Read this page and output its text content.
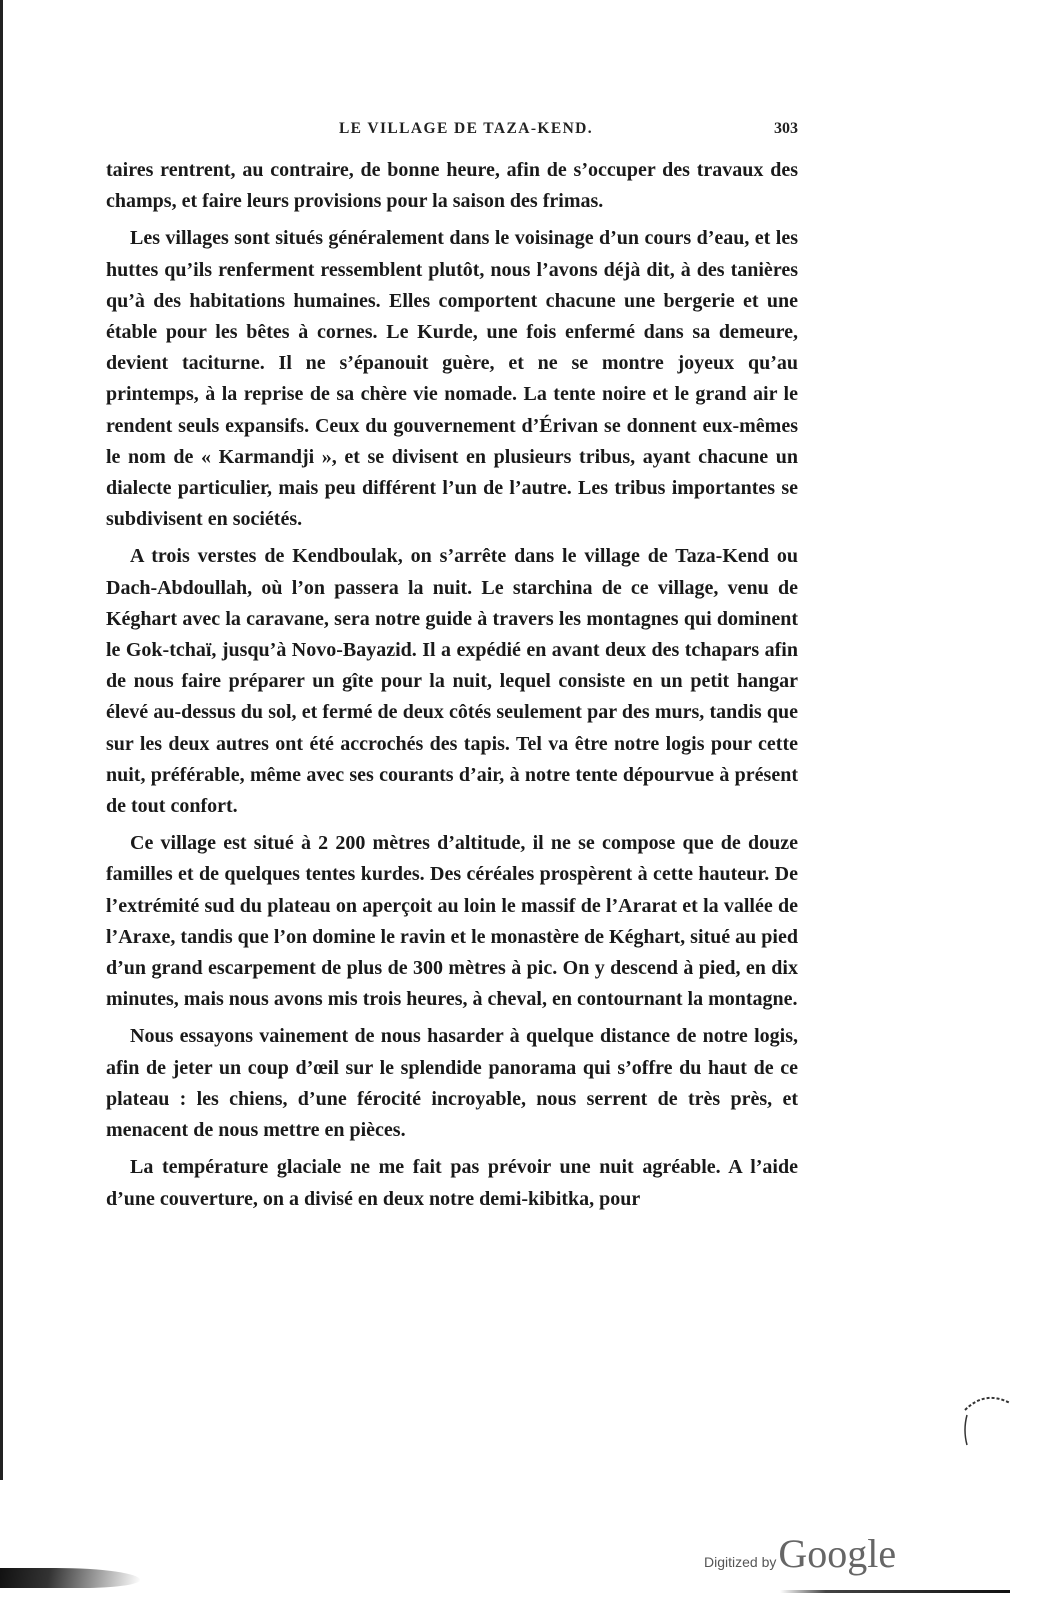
LE VILLAGE DE TAZA-KEND.	303

taires rentrent, au contraire, de bonne heure, afin de s’occuper des travaux des champs, et faire leurs provisions pour la saison des frimas.

Les villages sont situés généralement dans le voisinage d’un cours d’eau, et les huttes qu’ils renferment ressemblent plutôt, nous l’avons déjà dit, à des tanières qu’à des habitations humaines. Elles comportent chacune une bergerie et une étable pour les bêtes à cornes. Le Kurde, une fois enfermé dans sa demeure, devient taciturne. Il ne s’épanouit guère, et ne se montre joyeux qu’au printemps, à la reprise de sa chère vie nomade. La tente noire et le grand air le rendent seuls expansifs. Ceux du gouvernement d’Érivan se donnent eux-mêmes le nom de « Karmandji », et se divisent en plusieurs tribus, ayant chacune un dialecte particulier, mais peu différent l’un de l’autre. Les tribus importantes se subdivisent en sociétés.

A trois verstes de Kendboulak, on s’arrête dans le village de Taza-Kend ou Dach-Abdoullah, où l’on passera la nuit. Le starchina de ce village, venu de Kéghart avec la caravane, sera notre guide à travers les montagnes qui dominent le Gok-tchaï, jusqu’à Novo-Bayazid. Il a expédié en avant deux des tchapars afin de nous faire préparer un gîte pour la nuit, lequel consiste en un petit hangar élevé au-dessus du sol, et fermé de deux côtés seulement par des murs, tandis que sur les deux autres ont été accrochés des tapis. Tel va être notre logis pour cette nuit, préférable, même avec ses courants d’air, à notre tente dépourvue à présent de tout confort.

Ce village est situé à 2 200 mètres d’altitude, il ne se compose que de douze familles et de quelques tentes kurdes. Des céréales prospèrent à cette hauteur. De l’extrémité sud du plateau on aperçoit au loin le massif de l’Ararat et la vallée de l’Araxe, tandis que l’on domine le ravin et le monastère de Kéghart, situé au pied d’un grand escarpement de plus de 300 mètres à pic. On y descend à pied, en dix minutes, mais nous avons mis trois heures, à cheval, en contournant la montagne.

Nous essayons vainement de nous hasarder à quelque distance de notre logis, afin de jeter un coup d’œil sur le splendide panorama qui s’offre du haut de ce plateau : les chiens, d’une férocité incroyable, nous serrent de très près, et menacent de nous mettre en pièces.

La température glaciale ne me fait pas prévoir une nuit agréable. A l’aide d’une couverture, on a divisé en deux notre demi-kibitka, pour

Digitized by Google
